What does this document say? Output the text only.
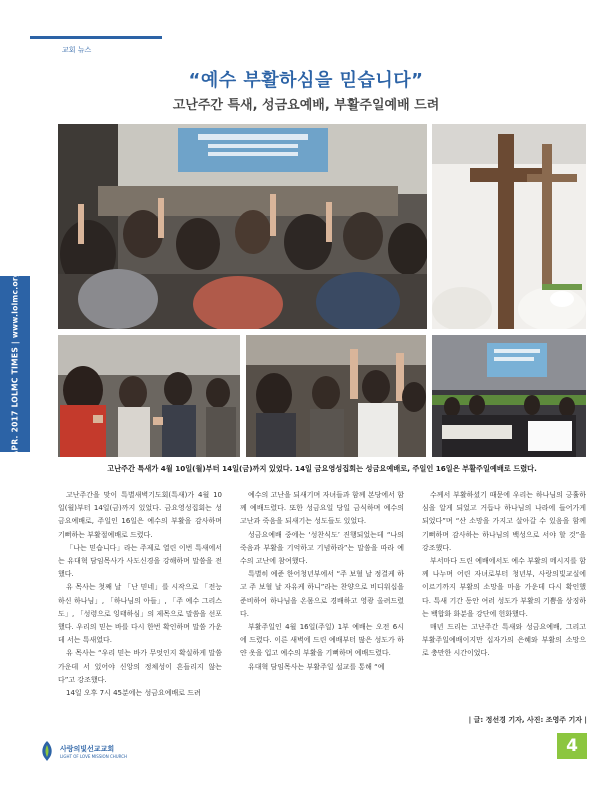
교회 뉴스
“예수 부활하심을 믿습니다”
고난주간 특새, 성금요예배, 부활주일예배 드려
APR. 2017 LOLMC TIMES | www.lolmc.org
고난주간 특새가 4월 10일(월)부터 14일(금)까지 있었다. 14일 금요영성집회는 성금요예배로, 주일인 16일은 부활주일예배로 드렸다.

고난주간을 맞이 특별새벽기도회(특새)가 4월 10일(월)부터 14일(금)까지 있었다. 금요영성집회는 성금요예배로, 주일인 16일은 예수의 부활을 감사하며 기뻐하는 부활절예배로 드렸다.

「나는 믿습니다」라는 주제로 열린 이번 특새에서는 유대혁 담임목사가 사도신경을 강해하며 말씀을 전했다.

유 목사는 첫째 날 「난 믿네」를 시작으로 「전능하신 하나님」, 「하나님의 아들」, 「주 예수 그리스도」, 「성령으로 잉태하심」의 제목으로 말씀을 선포했다. 우리의 믿는 바를 다시 한번 확인하며 말씀 가운데 서는 특새였다.

유 목사는 “우리 믿는 바가 무엇인지 확실하게 말씀 가운데 서 있어야 신앙의 정체성이 흔들리지 않는다”고 강조했다.

14일 오후 7시 45분에는 성금요예배로 드려

예수의 고난을 되새기며 자녀들과 함께 본당에서 함께 예배드렸다. 또한 성금요일 당일 금식하며 예수의 고난과 죽음을 되새기는 성도들도 있었다.

성금요예배 중에는 ‘성찬식도’ 진행되었는데 “나의 죽음과 부활을 기억하고 기념하라”는 말씀을 따라 예수의 고난에 참여했다.

특별히 예준 한어청년부에서 “주 보혈 날 정결케 하고 주 보혈 날 자유케 하니”라는 찬양으로 비디워십을 준비하여 하나님을 온몸으로 경배하고 영광 올려드렸다.

부활주일인 4월 16일(주일) 1부 예배는 오전 6시에 드렸다. 이른 새벽에 드린 예배부터 많은 성도가 하얀 옷을 입고 예수의 부활을 기뻐하며 예배드렸다.

유대혁 담임목사는 부활주일 설교를 통해 “예

수께서 부활하셨기 때문에 우리는 하나님의 긍휼하심을 알게 되었고 거듭나 하나님의 나라에 들어가게 되었다”며 “산 소망을 가지고 살아갈 수 있음을 함께 기뻐하며 감사하는 하나님의 백성으로 서야 할 것”을 강조했다.

부서마다 드린 예배에서도 예수 부활의 메시지를 함께 나누며 어린 자녀로부터 청년부, 사랑의빛교실에 이르기까지 부활의 소망을 마음 가운데 다시 확인했다. 특새 기간 동안 여러 성도가 부활의 기쁨을 상징하는 백합화 화분을 강단에 헌화했다.

매년 드리는 고난주간 특새와 성금요예배, 그리고 부활주일예배이지만 십자가의 은혜와 부활의 소망으로 충만한 시간이었다.

| 글: 정선경 기자, 사진: 조영주 기자 |
사랑의빛선교교회
LIGHT OF LOVE MISSION CHURCH
4
